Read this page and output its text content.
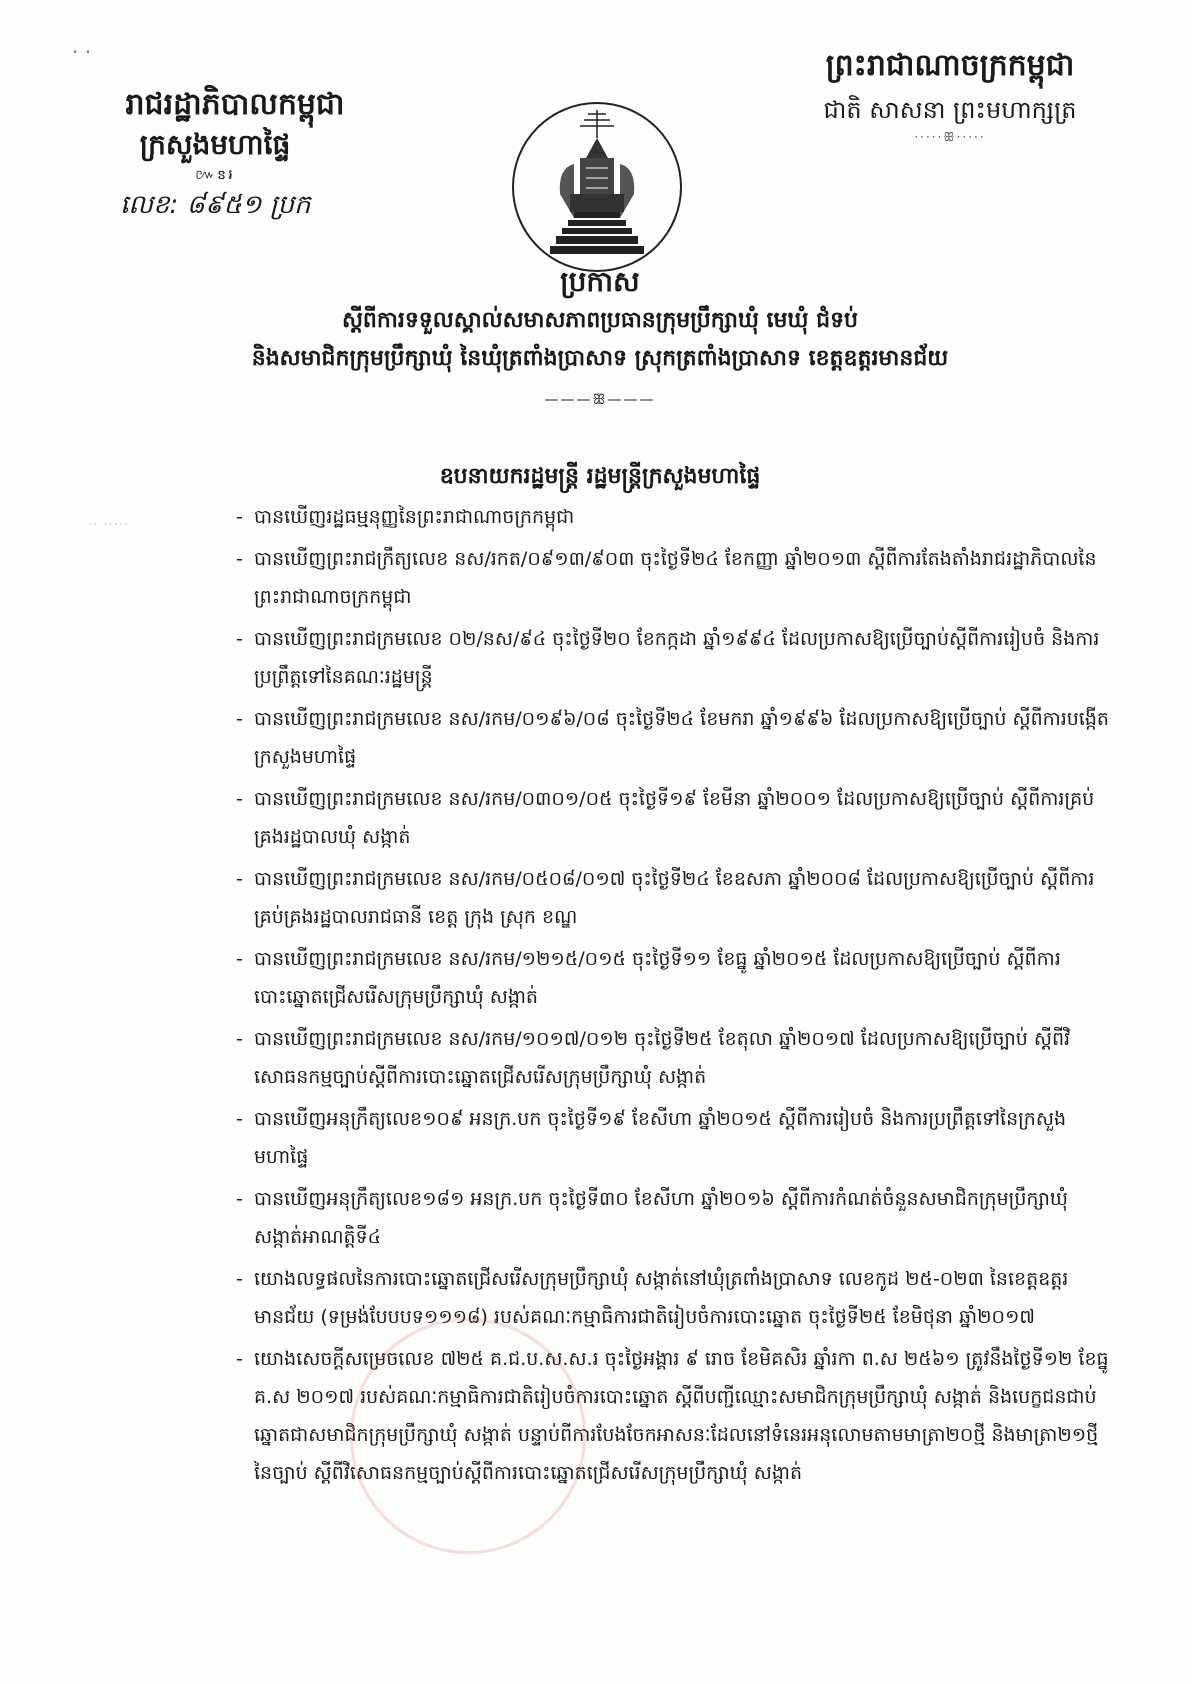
· ·
រាជរដ្ឋាភិបាលកម្ពុជា
ក្រសួងមហាផ្ទៃ
៚ៜ៛
លេខ: ៨៩៥១ ប្រក
ព្រះរាជាណាចក្រកម្ពុជា
ជាតិ សាសនា ព្រះមហាក្សត្រ
·····ꕥ·····
ប្រកាស
ស្តីពីការទទួលស្គាល់សមាសភាពប្រធានក្រុមប្រឹក្សាឃុំ មេឃុំ ជំទប់
និងសមាជិកក្រុមប្រឹក្សាឃុំ នៃឃុំត្រពាំងប្រាសាទ ស្រុកត្រពាំងប្រាសាទ ខេត្តឧត្តរមានជ័យ
———ꕥ———
ឧបនាយករដ្ឋមន្ត្រី រដ្ឋមន្ត្រីក្រសួងមហាផ្ទៃ
·· ·····
-	បានឃើញរដ្ឋធម្មនុញ្ញនៃព្រះរាជាណាចក្រកម្ពុជា
- បានឃើញព្រះរាជក្រឹត្យលេខ នស/រកត/០៩១៣/៩០៣ ចុះថ្ងៃទី២៤ ខែកញ្ញា ឆ្នាំ២០១៣ ស្តីពីការតែងតាំងរាជរដ្ឋាភិបាលនៃព្រះរាជាណាចក្រកម្ពុជា
- បានឃើញព្រះរាជក្រមលេខ ០២/នស/៩៤ ចុះថ្ងៃទី២០ ខែកក្កដា ឆ្នាំ១៩៩៤ ដែលប្រកាសឱ្យប្រើច្បាប់ស្តីពីការរៀបចំ និងការប្រព្រឹត្តទៅនៃគណៈរដ្ឋមន្ត្រី
- បានឃើញព្រះរាជក្រមលេខ នស/រកម/០១៩៦/០៨ ចុះថ្ងៃទី២៤ ខែមករា ឆ្នាំ១៩៩៦ ដែលប្រកាសឱ្យប្រើច្បាប់ ស្តីពីការបង្កើតក្រសួងមហាផ្ទៃ
- បានឃើញព្រះរាជក្រមលេខ នស/រកម/០៣០១/០៥ ចុះថ្ងៃទី១៩ ខែមីនា ឆ្នាំ២០០១ ដែលប្រកាសឱ្យប្រើច្បាប់ ស្តីពីការគ្រប់គ្រងរដ្ឋបាលឃុំ សង្កាត់
- បានឃើញព្រះរាជក្រមលេខ នស/រកម/០៥០៨/០១៧ ចុះថ្ងៃទី២៤ ខែឧសភា ឆ្នាំ២០០៨ ដែលប្រកាសឱ្យប្រើច្បាប់ ស្តីពីការគ្រប់គ្រងរដ្ឋបាលរាជធានី ខេត្ត ក្រុង ស្រុក ខណ្ឌ
- បានឃើញព្រះរាជក្រមលេខ នស/រកម/១២១៥/០១៥ ចុះថ្ងៃទី១១ ខែធ្នូ ឆ្នាំ២០១៥ ដែលប្រកាសឱ្យប្រើច្បាប់ ស្តីពីការបោះឆ្នោតជ្រើសរើសក្រុមប្រឹក្សាឃុំ សង្កាត់
- បានឃើញព្រះរាជក្រមលេខ នស/រកម/១០១៧/០១២ ចុះថ្ងៃទី២៥ ខែតុលា ឆ្នាំ២០១៧ ដែលប្រកាសឱ្យប្រើច្បាប់ ស្តីពីវិសោធនកម្មច្បាប់ស្តីពីការបោះឆ្នោតជ្រើសរើសក្រុមប្រឹក្សាឃុំ សង្កាត់
- បានឃើញអនុក្រឹត្យលេខ១០៩ អនក្រ.បក ចុះថ្ងៃទី១៩ ខែសីហា ឆ្នាំ២០១៥ ស្តីពីការរៀបចំ និងការប្រព្រឹត្តទៅនៃក្រសួងមហាផ្ទៃ
- បានឃើញអនុក្រឹត្យលេខ១៨១ អនក្រ.បក ចុះថ្ងៃទី៣០ ខែសីហា ឆ្នាំ២០១៦ ស្តីពីការកំណត់ចំនួនសមាជិកក្រុមប្រឹក្សាឃុំ សង្កាត់អាណត្តិទី៤
- យោងលទ្ធផលនៃការបោះឆ្នោតជ្រើសរើសក្រុមប្រឹក្សាឃុំ សង្កាត់នៅឃុំត្រពាំងប្រាសាទ លេខកូដ ២៥-០២៣ នៃខេត្តឧត្តរមានជ័យ (ទម្រង់បែបបទ១១១៨) របស់គណៈកម្មាធិការជាតិរៀបចំការបោះឆ្នោត ចុះថ្ងៃទី២៥ ខែមិថុនា ឆ្នាំ២០១៧
- យោងសេចក្តីសម្រេចលេខ ៧២៥ គ.ជ.ប.ស.ស.រ ចុះថ្ងៃអង្គារ ៩ រោច ខែមិគសិរ ឆ្នាំរកា ព.ស ២៥៦១ ត្រូវនឹងថ្ងៃទី១២ ខែធ្នូ គ.ស ២០១៧ របស់គណៈកម្មាធិការជាតិរៀបចំការបោះឆ្នោត ស្តីពីបញ្ជីឈ្មោះសមាជិកក្រុមប្រឹក្សាឃុំ សង្កាត់ និងបេក្ខជនជាប់ឆ្នោតជាសមាជិកក្រុមប្រឹក្សាឃុំ សង្កាត់ បន្ទាប់ពីការបែងចែកអាសនៈដែលនៅទំនេរអនុលោមតាមមាត្រា២០ថ្មី និងមាត្រា២១ថ្មី នៃច្បាប់ ស្តីពីវិសោធនកម្មច្បាប់ស្តីពីការបោះឆ្នោតជ្រើសរើសក្រុមប្រឹក្សាឃុំ សង្កាត់
